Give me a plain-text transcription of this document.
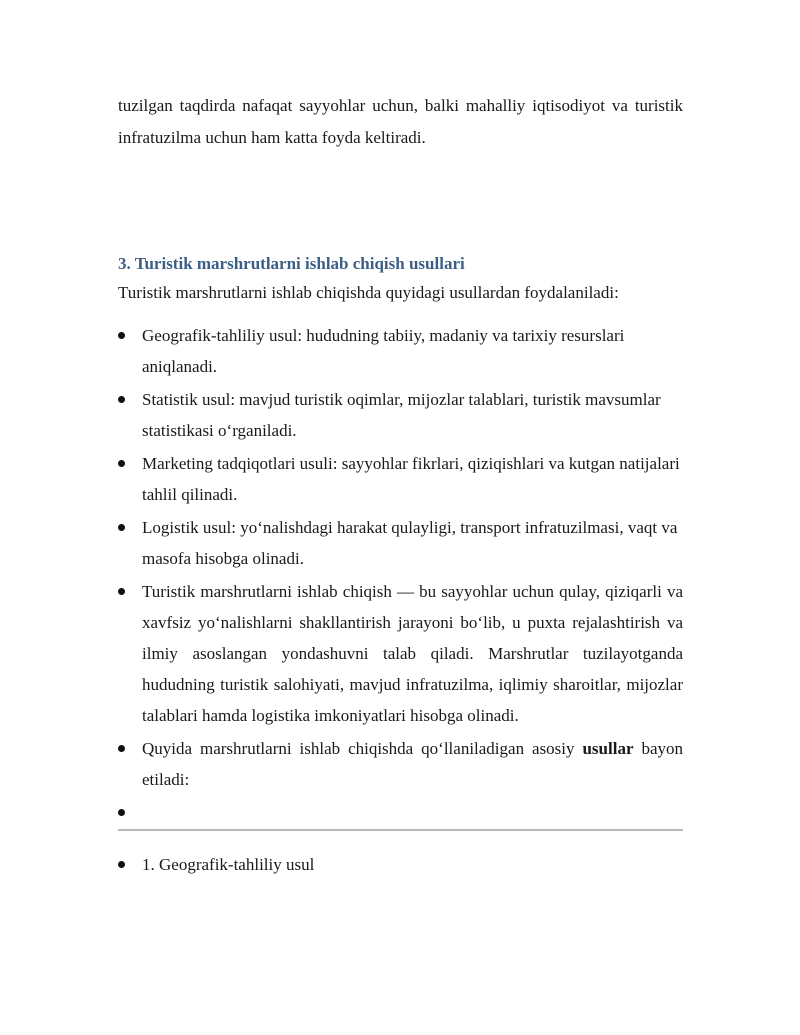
tuzilgan taqdirda nafaqat sayyohlar uchun, balki mahalliy iqtisodiyot va turistik infratuzilma uchun ham katta foyda keltiradi.

3. Turistik marshrutlarni ishlab chiqish usullari

Turistik marshrutlarni ishlab chiqishda quyidagi usullardan foydalaniladi:

Geografik-tahliliy usul: hududning tabiiy, madaniy va tarixiy resurslari aniqlanadi.
Statistik usul: mavjud turistik oqimlar, mijozlar talablari, turistik mavsumlar statistikasi o‘rganiladi.
Marketing tadqiqotlari usuli: sayyohlar fikrlari, qiziqishlari va kutgan natijalari tahlil qilinadi.
Logistik usul: yo‘nalishdagi harakat qulayligi, transport infratuzilmasi, vaqt va masofa hisobga olinadi.
Turistik marshrutlarni ishlab chiqish — bu sayyohlar uchun qulay, qiziqarli va xavfsiz yo‘nalishlarni shakllantirish jarayoni bo‘lib, u puxta rejalashtirish va ilmiy asoslangan yondashuvni talab qiladi. Marshrutlar tuzilayotganda hududning turistik salohiyati, mavjud infratuzilma, iqlimiy sharoitlar, mijozlar talablari hamda logistika imkoniyatlari hisobga olinadi.
Quyida marshrutlarni ishlab chiqishda qo‘llaniladigan asosiy usullar bayon etiladi:
1. Geografik-tahliliy usul
